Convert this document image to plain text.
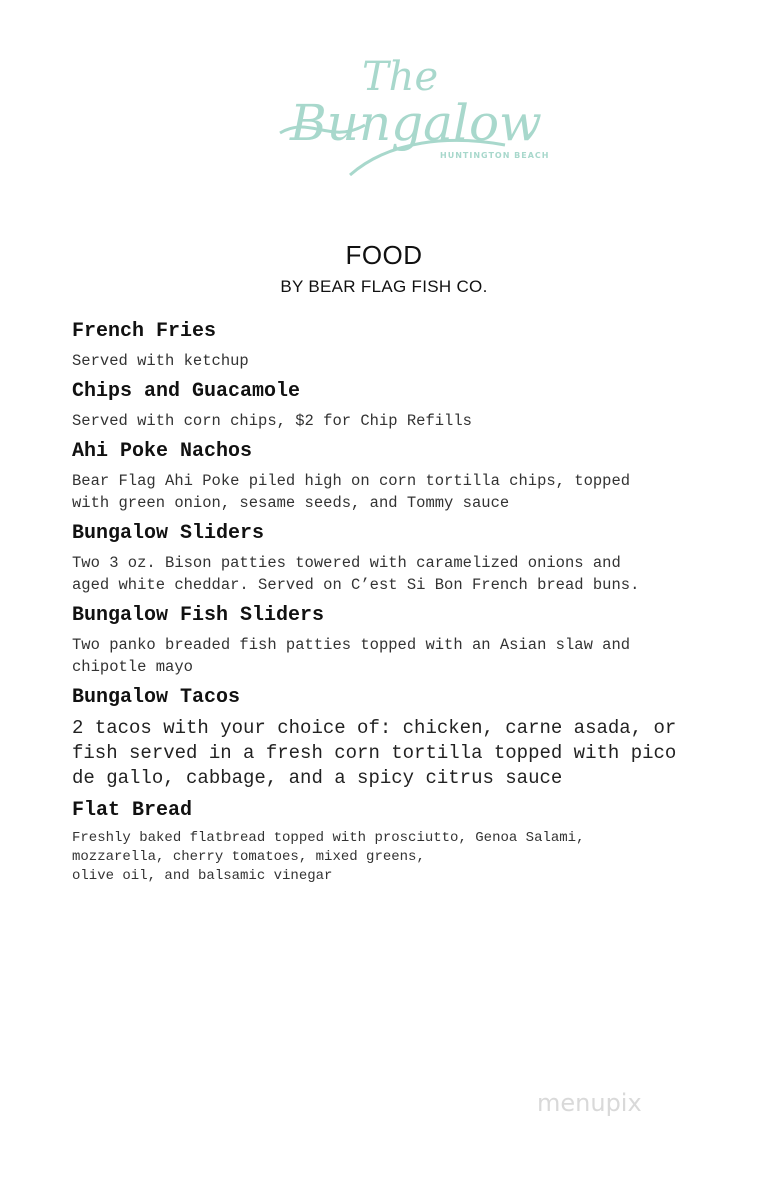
The
Bungalow
HUNTINGTON BEACH
FOOD
BY BEAR FLAG FISH CO.
French Fries
Served with ketchup
Chips and Guacamole
Served with corn chips, $2 for Chip Refills
Ahi Poke Nachos
Bear Flag Ahi Poke piled high on corn tortilla chips, topped
with green onion, sesame seeds, and Tommy sauce
Bungalow Sliders
Two 3 oz. Bison patties towered with caramelized onions and
aged white cheddar. Served on C’est Si Bon French bread buns.
Bungalow Fish Sliders
Two panko breaded fish patties topped with an Asian slaw and
chipotle mayo
Bungalow Tacos
2 tacos with your choice of: chicken, carne asada, or
fish served in a fresh corn tortilla topped with pico
de gallo, cabbage, and a spicy citrus sauce
Flat Bread
Freshly baked flatbread topped with prosciutto, Genoa Salami,
mozzarella, cherry tomatoes, mixed greens,
olive oil, and balsamic vinegar
menupix
